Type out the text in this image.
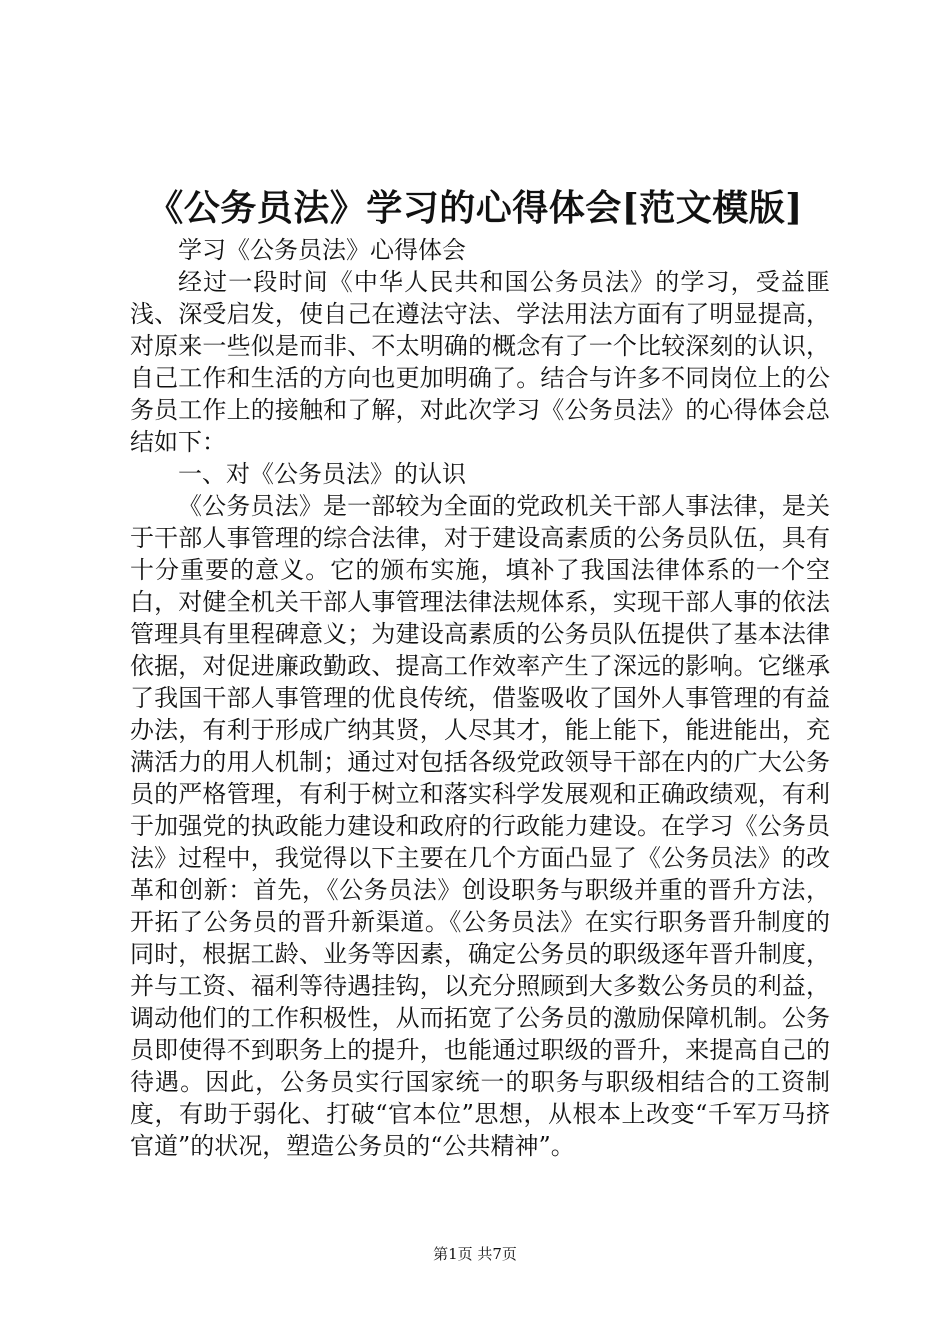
《公务员法》学习的心得体会[范文模版]

学习《公务员法》心得体会

经过一段时间《中华人民共和国公务员法》的学习，受益匪浅、深受启发，使自己在遵法守法、学法用法方面有了明显提高，对原来一些似是而非、不太明确的概念有了一个比较深刻的认识，自己工作和生活的方向也更加明确了。结合与许多不同岗位上的公务员工作上的接触和了解，对此次学习《公务员法》的心得体会总结如下：

一、对《公务员法》的认识

《公务员法》是一部较为全面的党政机关干部人事法律，是关于干部人事管理的综合法律，对于建设高素质的公务员队伍，具有十分重要的意义。它的颁布实施，填补了我国法律体系的一个空白，对健全机关干部人事管理法律法规体系，实现干部人事的依法管理具有里程碑意义；为建设高素质的公务员队伍提供了基本法律依据，对促进廉政勤政、提高工作效率产生了深远的影响。它继承了我国干部人事管理的优良传统，借鉴吸收了国外人事管理的有益办法，有利于形成广纳其贤，人尽其才，能上能下，能进能出，充满活力的用人机制；通过对包括各级党政领导干部在内的广大公务员的严格管理，有利于树立和落实科学发展观和正确政绩观，有利于加强党的执政能力建设和政府的行政能力建设。在学习《公务员法》过程中，我觉得以下主要在几个方面凸显了《公务员法》的改革和创新：首先，《公务员法》创设职务与职级并重的晋升方法，开拓了公务员的晋升新渠道。《公务员法》在实行职务晋升制度的同时，根据工龄、业务等因素，确定公务员的职级逐年晋升制度，并与工资、福利等待遇挂钩，以充分照顾到大多数公务员的利益，调动他们的工作积极性，从而拓宽了公务员的激励保障机制。公务员即使得不到职务上的提升，也能通过职级的晋升，来提高自己的待遇。因此，公务员实行国家统一的职务与职级相结合的工资制度，有助于弱化、打破“官本位”思想，从根本上改变“千军万马挤官道”的状况，塑造公务员的“公共精神”。

第1页 共7页
